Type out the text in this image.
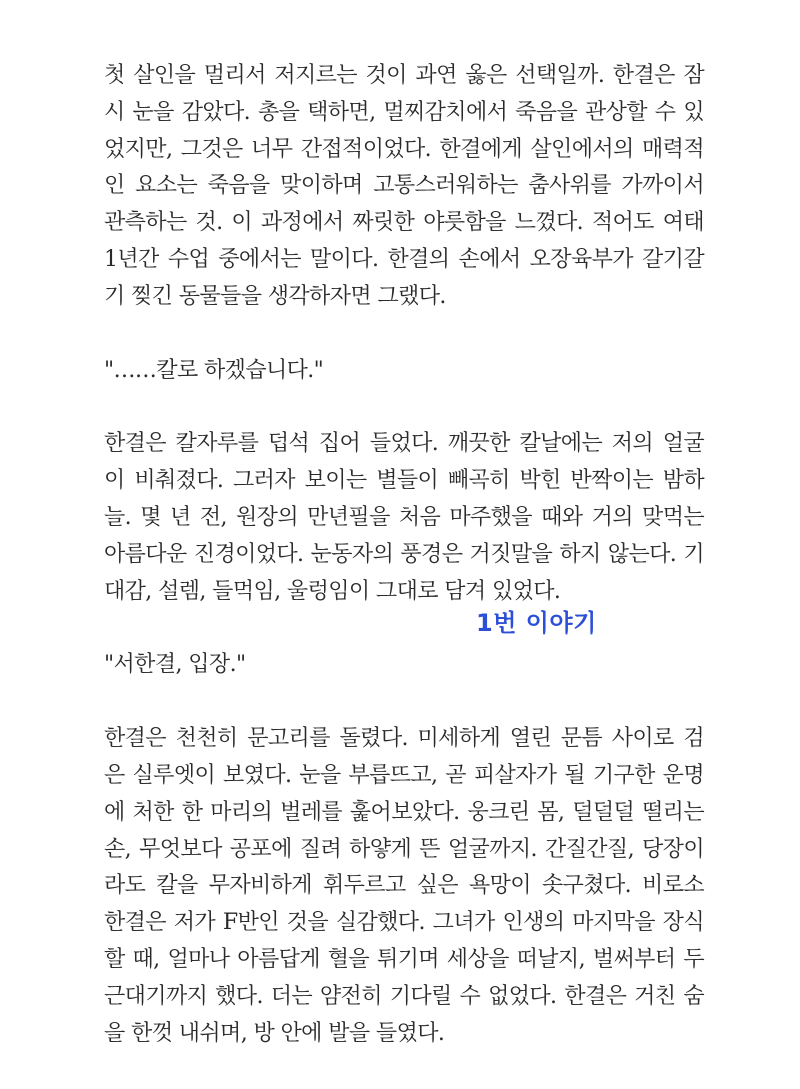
첫 살인을 멀리서 저지르는 것이 과연 옳은 선택일까. 한결은 잠
시 눈을 감았다. 총을 택하면, 멀찌감치에서 죽음을 관상할 수 있
었지만, 그것은 너무 간접적이었다. 한결에게 살인에서의 매력적
인 요소는 죽음을 맞이하며 고통스러워하는 춤사위를 가까이서
관측하는 것. 이 과정에서 짜릿한 야릇함을 느꼈다. 적어도 여태
1년간 수업 중에서는 말이다. 한결의 손에서 오장육부가 갈기갈
기 찢긴 동물들을 생각하자면 그랬다.
"……칼로 하겠습니다."
한결은 칼자루를 덥석 집어 들었다. 깨끗한 칼날에는 저의 얼굴
이 비춰졌다. 그러자 보이는 별들이 빼곡히 박힌 반짝이는 밤하
늘. 몇 년 전, 원장의 만년필을 처음 마주했을 때와 거의 맞먹는
아름다운 진경이었다. 눈동자의 풍경은 거짓말을 하지 않는다. 기
대감, 설렘, 들먹임, 울렁임이 그대로 담겨 있었다.
"서한결, 입장."
한결은 천천히 문고리를 돌렸다. 미세하게 열린 문틈 사이로 검
은 실루엣이 보였다. 눈을 부릅뜨고, 곧 피살자가 될 기구한 운명
에 처한 한 마리의 벌레를 훑어보았다. 웅크린 몸, 덜덜덜 떨리는
손, 무엇보다 공포에 질려 하얗게 뜬 얼굴까지. 간질간질, 당장이
라도 칼을 무자비하게 휘두르고 싶은 욕망이 솟구쳤다. 비로소
한결은 저가 F반인 것을 실감했다. 그녀가 인생의 마지막을 장식
할 때, 얼마나 아름답게 혈을 튀기며 세상을 떠날지, 벌써부터 두
근대기까지 했다. 더는 얌전히 기다릴 수 없었다. 한결은 거친 숨
을 한껏 내쉬며, 방 안에 발을 들였다.
1번 이야기
